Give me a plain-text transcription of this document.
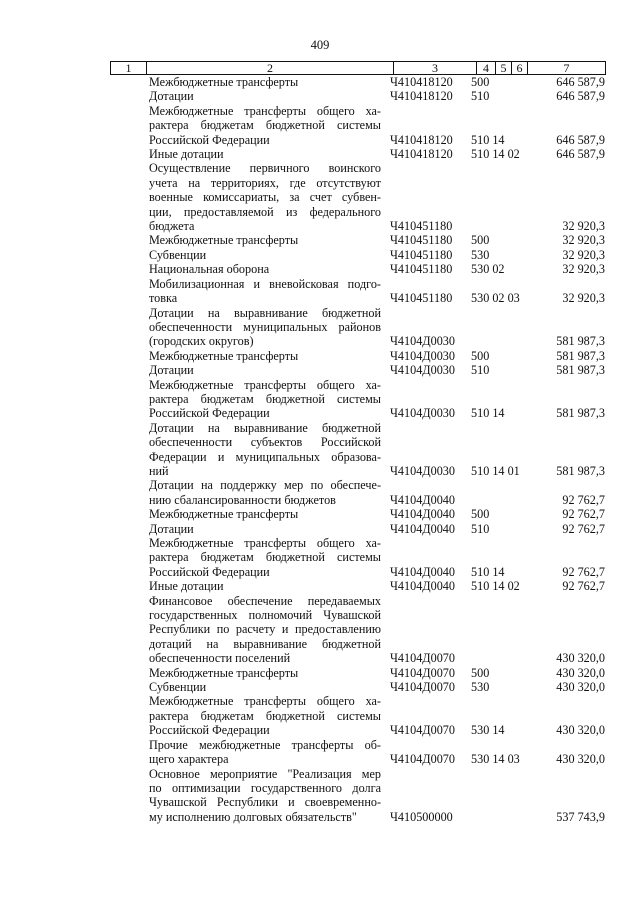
409
1	2	3	4	5	6	7
Межбюджетные трансферты	Ч410418120 500	646 587,9
Дотации	Ч410418120 510	646 587,9
Межбюджетные трансферты общего ха-
рактера бюджетам бюджетной системы
Российской Федерации	Ч410418120 510 14	646 587,9
Иные дотации	Ч410418120 510 14 02	646 587,9
Осуществление первичного воинского
учета на территориях, где отсутствуют
военные комиссариаты, за счет субвен-
ции, предоставляемой из федерального
бюджета	Ч410451180	32 920,3
Межбюджетные трансферты	Ч410451180 500	32 920,3
Субвенции	Ч410451180 530	32 920,3
Национальная оборона	Ч410451180 530 02	32 920,3
Мобилизационная и вневойсковая подго-
товка	Ч410451180 530 02 03	32 920,3
Дотации на выравнивание бюджетной
обеспеченности муниципальных районов
(городских округов)	Ч4104Д0030	581 987,3
Межбюджетные трансферты	Ч4104Д0030 500	581 987,3
Дотации	Ч4104Д0030 510	581 987,3
Межбюджетные трансферты общего ха-
рактера бюджетам бюджетной системы
Российской Федерации	Ч4104Д0030 510 14	581 987,3
Дотации на выравнивание бюджетной
обеспеченности субъектов Российской
Федерации и муниципальных образова-
ний	Ч4104Д0030 510 14 01	581 987,3
Дотации на поддержку мер по обеспече-
нию сбалансированности бюджетов	Ч4104Д0040	92 762,7
Межбюджетные трансферты	Ч4104Д0040 500	92 762,7
Дотации	Ч4104Д0040 510	92 762,7
Межбюджетные трансферты общего ха-
рактера бюджетам бюджетной системы
Российской Федерации	Ч4104Д0040 510 14	92 762,7
Иные дотации	Ч4104Д0040 510 14 02	92 762,7
Финансовое обеспечение передаваемых
государственных полномочий Чувашской
Республики по расчету и предоставлению
дотаций на выравнивание бюджетной
обеспеченности поселений	Ч4104Д0070	430 320,0
Межбюджетные трансферты	Ч4104Д0070 500	430 320,0
Субвенции	Ч4104Д0070 530	430 320,0
Межбюджетные трансферты общего ха-
рактера бюджетам бюджетной системы
Российской Федерации	Ч4104Д0070 530 14	430 320,0
Прочие межбюджетные трансферты об-
щего характера	Ч4104Д0070 530 14 03	430 320,0
Основное мероприятие "Реализация мер
по оптимизации государственного долга
Чувашской Республики и своевременно-
му исполнению долговых обязательств"	Ч410500000	537 743,9
